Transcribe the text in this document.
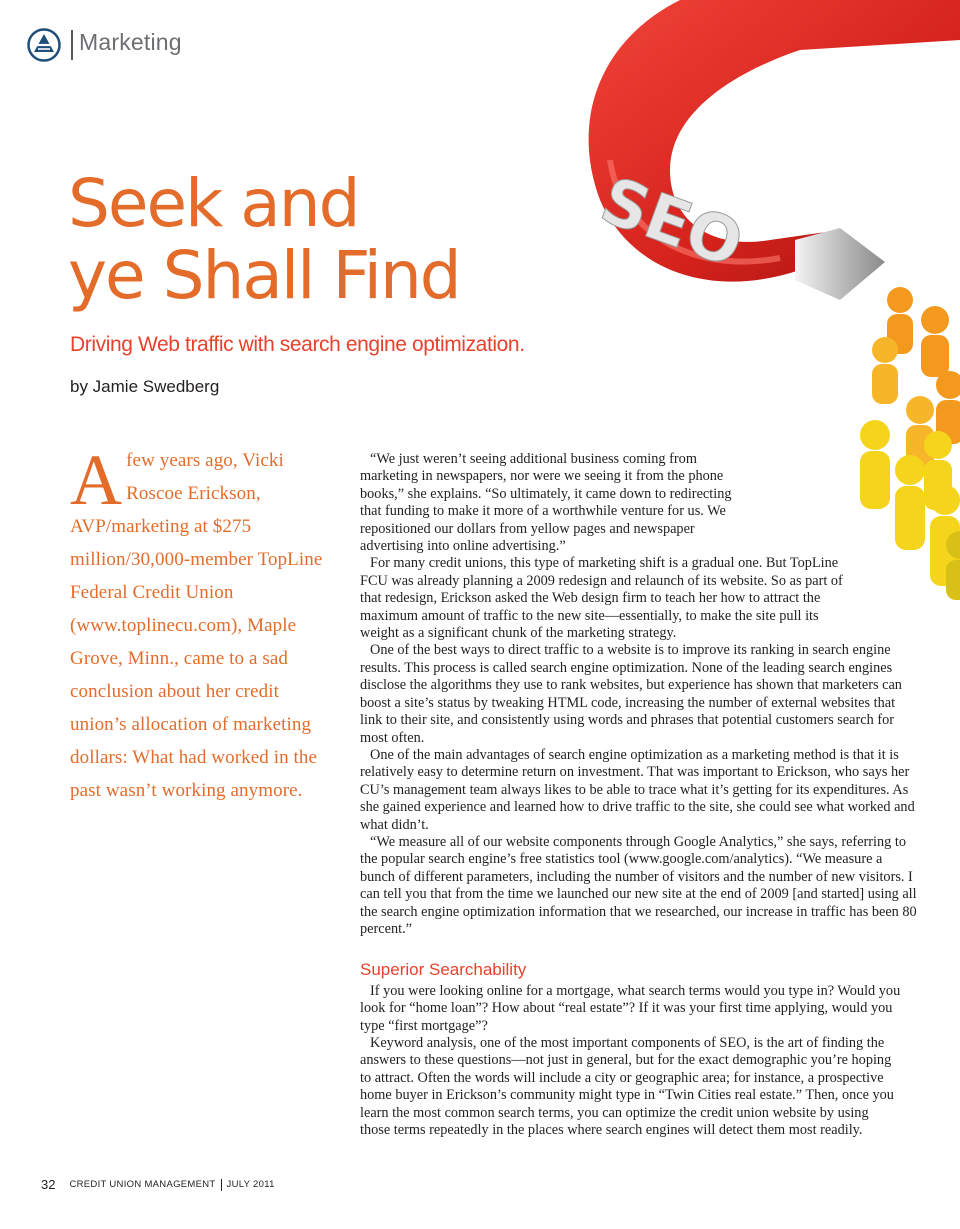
Marketing
SEO
Seek and
ye Shall Find
Driving Web traffic with search engine optimization.
by Jamie Swedberg
Afew years ago, Vicki Roscoe Erickson, AVP/marketing at $275 million/30,000-member TopLine Federal Credit Union (www.toplinecu.com), Maple Grove, Minn., came to a sad conclusion about her credit union’s allocation of marketing dollars: What had worked in the past wasn’t working anymore.

“We just weren’t seeing additional business coming from marketing in newspapers, nor were we seeing it from the phone books,” she explains. “So ultimately, it came down to redirecting that funding to make it more of a worthwhile venture for us. We repositioned our dollars from yellow pages and newspaper advertising into online advertising.”

For many credit unions, this type of marketing shift is a gradual one. But TopLine FCU was already planning a 2009 redesign and relaunch of its website. So as part of that redesign, Erickson asked the Web design firm to teach her how to attract the maximum amount of traffic to the new site—essentially, to make the site pull its weight as a significant chunk of the marketing strategy.

One of the best ways to direct traffic to a website is to improve its ranking in search engine results. This process is called search engine optimization. None of the leading search engines disclose the algorithms they use to rank websites, but experience has shown that marketers can boost a site’s status by tweaking HTML code, increasing the number of external websites that link to their site, and consistently using words and phrases that potential customers search for most often.

One of the main advantages of search engine optimization as a marketing method is that it is relatively easy to determine return on investment. That was important to Erickson, who says her CU’s management team always likes to be able to trace what it’s getting for its expenditures. As she gained experience and learned how to drive traffic to the site, she could see what worked and what didn’t.

“We measure all of our website components through Google Analytics,” she says, referring to the popular search engine’s free statistics tool (www.google.com/analytics). “We measure a bunch of different parameters, including the number of visitors and the number of new visitors. I can tell you that from the time we launched our new site at the end of 2009 [and started] using all the search engine optimization information that we researched, our increase in traffic has been 80 percent.”

Superior Searchability

If you were looking online for a mortgage, what search terms would you type in? Would you look for “home loan”? How about “real estate”? If it was your first time applying, would you type “first mortgage”?

Keyword analysis, one of the most important components of SEO, is the art of finding the answers to these questions—not just in general, but for the exact demographic you’re hoping to attract. Often the words will include a city or geographic area; for instance, a prospective home buyer in Erickson’s community might type in “Twin Cities real estate.” Then, once you learn the most common search terms, you can optimize the credit union website by using those terms repeatedly in the places where search engines will detect them most readily.

32 CREDIT UNION MANAGEMENT JULY 2011
